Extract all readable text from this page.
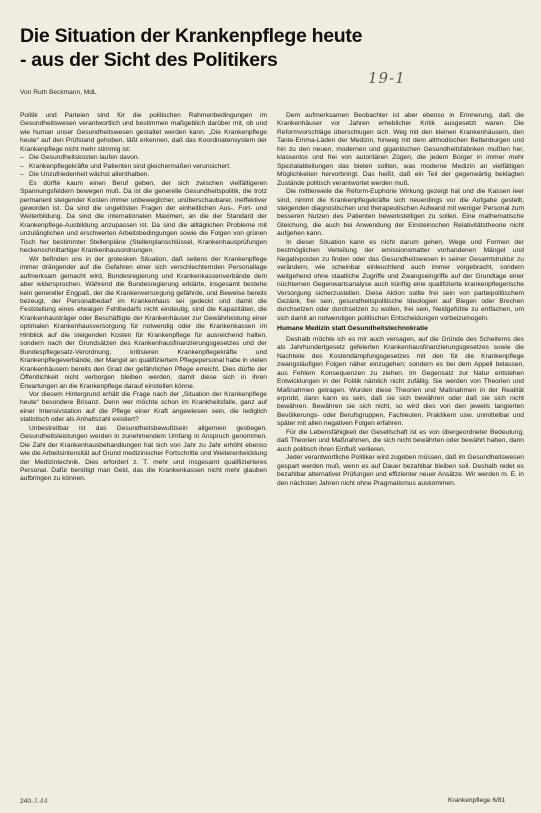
Die Situation der Krankenpflege heute
- aus der Sicht des Politikers
19-1
Von Ruth Beckmann, MdL

Politik und Parteien sind für die politischen Rahmenbedingungen im Gesundheitswesen verantwortlich und bestimmen maßgeblich darüber mit, ob und wie human unser Gesundheitswesen gestaltet werden kann. „Die Krankenpflege heute“ auf den Prüfstand gehoben, läßt erkennen, daß das Koordinatensystem der Krankenpflege nicht mehr stimmig ist:

– Die Gesundheitskosten laufen davon.
– Krankenpflegekräfte und Patienten sind gleichermaßen verunsichert.
– Die Unzufriedenheit wächst allenthalben.

Es dürfte kaum einen Beruf geben, der sich zwischen vielfältigeren Spannungsfeldern bewegen muß. Da ist die generelle Gesundheitspolitik, die trotz permanent steigender Kosten immer unbeweglicher, unüberschaubarer, ineffektiver geworden ist. Da sind die ungelösten Fragen der einheitlichen Aus-, Fort- und Weiterbildung. Da sind die internationalen Maximen, an die der Standard der Krankenpflege-Ausbildung anzupassen ist. Da sind die alltäglichen Probleme mit unzulänglichen und erschwerten Arbeitsbedingungen sowie die Folgen von grünen Tisch her bestimmter Stellenpläne (Stellenplanschlüssel, Krankenhausprüfungen heckenschnittartiger Krankenhausordnungen.

Wir befinden uns in der grotesken Situation, daß seitens der Krankenpflege immer drängender auf die Gefahren einer sich verschlechternden Personallage aufmerksam gemacht wird, Bundesregierung und Krankenkassenverbände dem aber widersprochen. Während die Bundesregierung erklärte, insgesamt bestehe kein genereller Engpaß, der die Krankenversorgung gefährde, und Beweise bereits bezeugt, der Personalbedarf im Krankenhaus sei gedeckt und damit die Feststellung eines etwaigen Fehlbedarfs nicht eindeutig, sind die Kapazitäten, die Krankenhausträger oder Beschäftigte der Krankenhäuser zur Gewährleistung einer optimalen Krankenhausversorgung für notwendig oder die Krankenkassen im Hinblick auf die steigenden Kosten für Krankenpflege für ausreichend halten, sondern nach der Grundsätzen des Krankenhausfinanzierungsgesetzes und der Bundespflegesatz-Verordnung, kritisieren Krankenpflegekräfte und Krankenpflegeverbände, der Mangel an qualifiziertem Pflegepersonal habe in vielen Krankenhäusern bereits den Grad der gefährlichen Pflege erreicht. Dies dürfte der Öffentlichkeit nicht verborgen bleiben werden, damit diese sich in ihren Erwartungen an die Krankenpflege darauf einstellen könne.

Vor diesem Hintergrund erhält die Frage nach der „Situation der Krankenpflege heute“ besondere Brisanz. Denn wer möchte schon im Krankheitsfalle, ganz auf einer Intensivstation auf die Pflege einer Kraft angewiesen sein, die lediglich statistisch oder als Anhaltszahl existiert?

Unbestreitbar ist das Gesundheitsbewußtsein allgemein gestiegen. Gesundheitsleistungen werden in zunehmendem Umfang in Anspruch genommen. Die Zahl der Krankenhausbehandlungen hat sich von Jahr zu Jahr erhöht ebenso wie die Arbeitsintensität auf Grund medizinischer Fortschritte und Weiterentwicklung der Medizintechnik. Dies erfordert z. T. mehr und insgesamt qualifizierteres Personal. Dafür benötigt man Geld, das die Krankenkassen nicht mehr glauben aufbringen zu können.

Dem aufmerksamen Beobachter ist aber ebenso in Erinnerung, daß die Krankenhäuser vor Jahren erheblicher Kritik ausgesetzt waren. Die Reformvorschläge überschlugen sich. Weg mit den kleinen Krankenhäusern, den Tante-Emma-Läden der Medizin, hinweg mit dem altmodischen Bettenburgen und hin zu den neuen, modernen und gigantischen Gesundheitsfabriken mußten her, klassenlos und frei von autoritären Zügen, die jedem Bürger in immer mehr Spezialabteilungen das bieten sollten, was moderne Medizin an vielfältigen Möglichkeiten hervorbringt. Das heißt, daß ein Teil der gegenwärtig beklagten Zustände politisch verantwortet werden muß.

Die mittlerweile die Reform-Euphorie Wirkung gezeigt hat und die Kassen leer sind, nimmt die Krankenpflegekräfte sich neuerdings vor die Aufgabe gestellt, steigenden diagnostischen und therapeutischen Aufwand mit weniger Personal zum besseren Nutzen des Patienten bewerkstelligen zu sollen. Eine mathematische Gleichung, die auch bei Anwendung der Einsteinschen Relativitätstheorie nicht aufgehen kann.

In dieser Situation kann es nicht darum gehen, Wege und Formen der bestmöglichen Verteilung der emissionsmatter vorhandenen Mängel und Negativposten zu finden oder das Gesundheitswesen in seiner Gesamtstruktur zu verändern, wie scheinbar einleuchtend auch immer vorgebracht, sondern weitgehend ohne staatliche Zugriffe und Zwangseingriffe auf der Grundlage einer nüchternen Gegenwartsanalyse auch künftig eine qualifizierte krankenpflegerische Versorgung sicherzustellen. Diese Aktion sollte frei sein von parteipolitischem Gezänk, frei sein, gesundheitspolitische Ideologien auf Biegen oder Brechen durchsetzen oder durchsetzen zu wollen, frei sein, Neidgefühle zu entfachen, um sich damit an notwendigen politischen Entscheidungen vorbeizumogeln.

Humane Medizin statt Gesundheitstechnokratie

Deshalb möchte ich es mir auch versagen, auf die Gründe des Scheiterns des als Jahrhundertgesetz gefeierten Krankenhausfinanzierungsgesetzes sowie die Nachteile des Kostendämpfungsgesetzes mit den für die Krankenpflege zwangsläufigen Folgen näher einzugehen; sondern es bei dem Appell belassen, aus Fehlern Konsequenzen zu ziehen. Im Gegensatz zur Natur entstehen Entwicklungen in der Politik nämlich nicht zufällig. Sie werden von Theorien und Maßnahmen getragen. Wurden diese Theorien und Maßnahmen in der Realität erprobt, dann kann es sein, daß sie sich bewähren oder daß sie sich nicht bewähren. Bewähren sie sich nicht, so wird dies von den jeweils tangierten Bevölkerungs- oder Berufsgruppen, Fachleuten, Praktikern usw. unmittelbar und später mit allen negativen Folgen erfahren.

Für die Lebensfähigkeit der Gesellschaft ist es von übergeordneter Bedeutung, daß Theorien und Maßnahmen, die sich nicht bewährten oder bewährt haben, dann auch politisch ihren Einfluß verlieren.

Jeder verantwortliche Politiker wird zugeben müssen, daß im Gesundheitswesen gespart werden muß, wenn es auf Dauer bezahlbar bleiben soll. Deshalb redet es bezahlbar alternativer Prüfungen und effizienter neuer Ansätze. Wir werden m. E. in den nächsten Jahren nicht ohne Pragmatismus auskommen.

240-3.44	Krankenpflege 6/81
